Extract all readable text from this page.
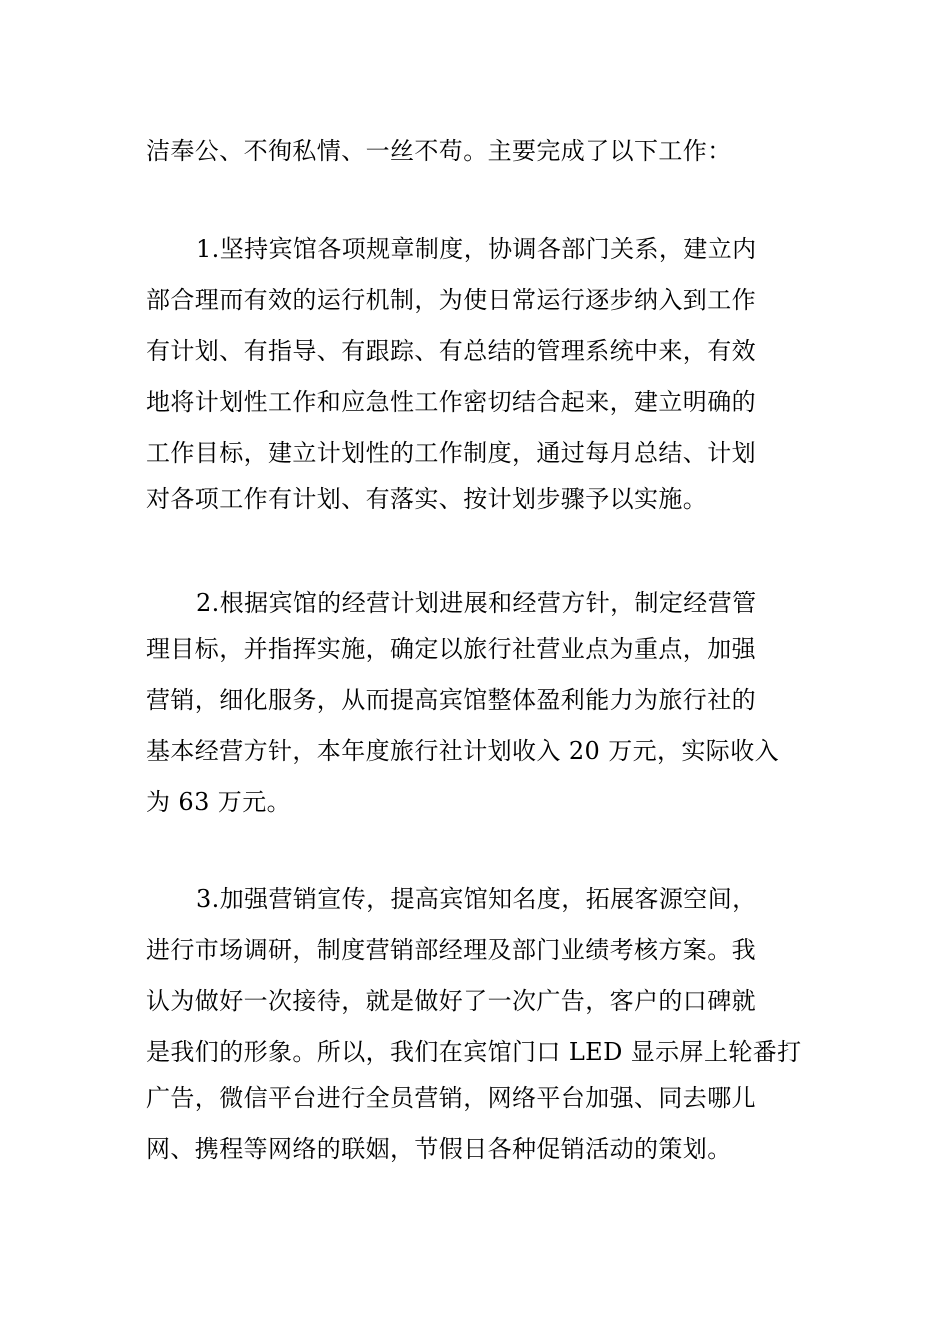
洁奉公、不徇私情、一丝不苟。主要完成了以下工作：
1.坚持宾馆各项规章制度，协调各部门关系，建立内
部合理而有效的运行机制，为使日常运行逐步纳入到工作
有计划、有指导、有跟踪、有总结的管理系统中来，有效
地将计划性工作和应急性工作密切结合起来，建立明确的
工作目标，建立计划性的工作制度，通过每月总结、计划
对各项工作有计划、有落实、按计划步骤予以实施。
2.根据宾馆的经营计划进展和经营方针，制定经营管
理目标，并指挥实施，确定以旅行社营业点为重点，加强
营销，细化服务，从而提高宾馆整体盈利能力为旅行社的
基本经营方针，本年度旅行社计划收入 20 万元，实际收入
为 63 万元。
3.加强营销宣传，提高宾馆知名度，拓展客源空间，
进行市场调研，制度营销部经理及部门业绩考核方案。我
认为做好一次接待，就是做好了一次广告，客户的口碑就
是我们的形象。所以，我们在宾馆门口 LED 显示屏上轮番打
广告，微信平台进行全员营销，网络平台加强、同去哪儿
网、携程等网络的联姻，节假日各种促销活动的策划。
